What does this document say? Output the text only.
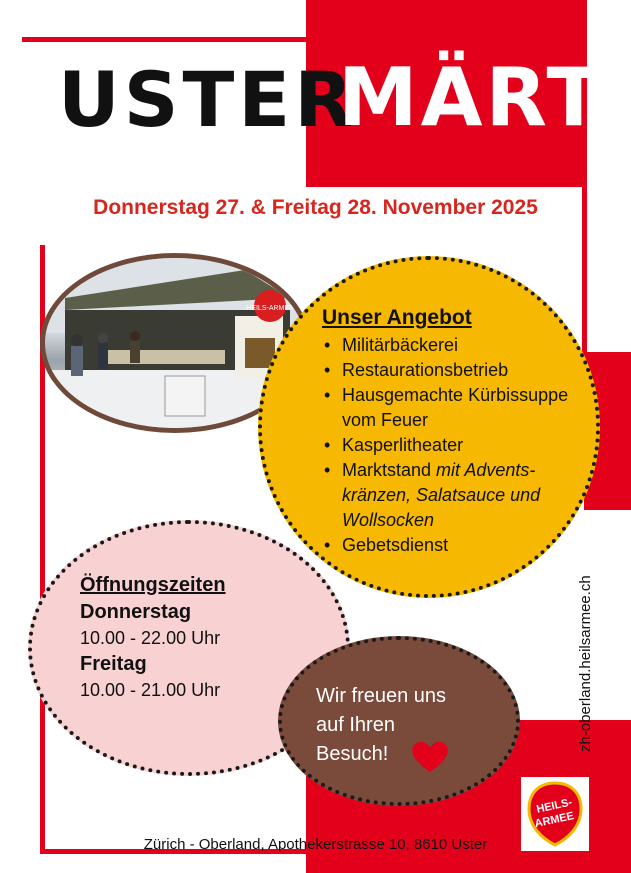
USTER
MÄRT
Donnerstag 27. & Freitag 28. November 2025
HEILS-ARMEE Unser Angebot
• Militärbäckerei
• Restaurationsbetrieb
• Hausgemachte Kürbissuppe vom Feuer
• Kasperlitheater
• Marktstand mit Advents-kränzen, Salatsauce und Wollsocken
• Gebetsdienst
Öffnungszeiten
Donnerstag
10.00 - 22.00 Uhr
Freitag
10.00 - 21.00 Uhr	Wir freuen uns
auf Ihren
Besuch!
zh-oberland.heilsarmee.ch
HEILS-
ARMEE
Zürich - Oberland, Apothekerstrasse 10, 8610 Uster
